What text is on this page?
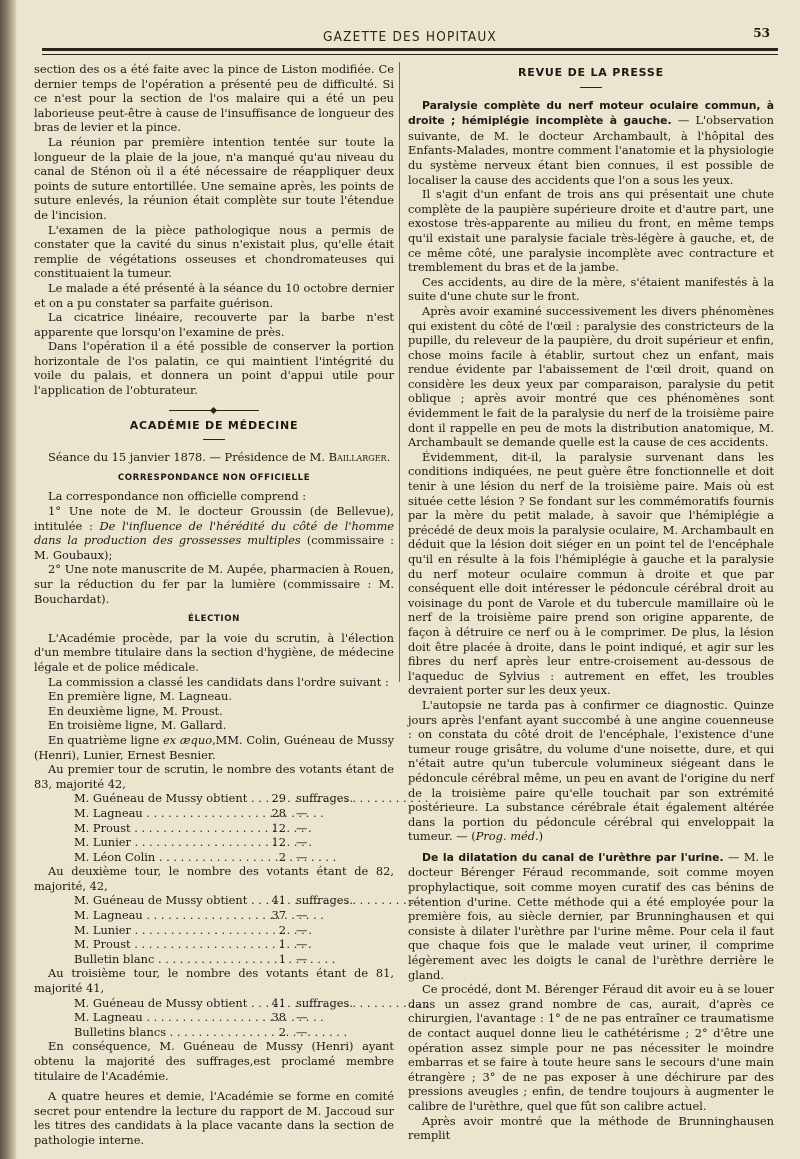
GAZETTE DES HOPITAUX	53

section des os a été faite avec la pince de Liston modifiée. Ce dernier temps de l'opération a présenté peu de difficulté. Si ce n'est pour la section de l'os malaire qui a été un peu laborieuse peut-être à cause de l'insuffisance de longueur des bras de levier et la pince.

La réunion par première intention tentée sur toute la longueur de la plaie de la joue, n'a manqué qu'au niveau du canal de Sténon où il a été nécessaire de réappliquer deux points de suture entortillée. Une semaine après, les points de suture enlevés, la réunion était complète sur toute l'étendue de l'incision.

L'examen de la pièce pathologique nous a permis de constater que la cavité du sinus n'existait plus, qu'elle était remplie de végétations osseuses et chondromateuses qui constituaient la tumeur.

Le malade a été présenté à la séance du 10 octobre dernier et on a pu constater sa parfaite guérison.

La cicatrice linéaire, recouverte par la barbe n'est apparente que lorsqu'on l'examine de près.

Dans l'opération il a été possible de conserver la portion horizontale de l'os palatin, ce qui maintient l'intégrité du voile du palais, et donnera un point d'appui utile pour l'application de l'obturateur.

ACADÉMIE DE MÉDECINE

Séance du 15 janvier 1878. — Présidence de M. Baillarger.

CORRESPONDANCE NON OFFICIELLE

La correspondance non officielle comprend :

1° Une note de M. le docteur Groussin (de Bellevue), intitulée : De l'influence de l'hérédité du côté de l'homme dans la production des grossesses multiples (commissaire : M. Goubaux);

2° Une note manuscrite de M. Aupée, pharmacien à Rouen, sur la réduction du fer par la lumière (commissaire : M. Bouchardat).

ÉLECTION

L'Académie procède, par la voie du scrutin, à l'élection d'un membre titulaire dans la section d'hygiène, de médecine légale et de police médicale.

La commission a classé les candidats dans l'ordre suivant :

En première ligne, M. Lagneau.

En deuxième ligne, M. Proust.

En troisième ligne, M. Gallard.

En quatrième ligne ex æquo,MM. Colin, Guéneau de Mussy (Henri), Lunier, Ernest Besnier.

Au premier tour de scrutin, le nombre des votants étant de 83, majorité 42,

M. Guéneau de Mussy obtient . . .	29 suffrages.
M. Lagneau . . .	28 —
M. Proust . . .	12 —
M. Lunier . . .	12 —
M. Léon Colin . . .	2 —

Au deuxième tour, le nombre des votants étant de 82, majorité, 42,

M. Guéneau de Mussy obtient . . .	41 suffrages.
M. Lagneau . . .	37 —
M. Lunier . . .	2 —
M. Proust . . .	1 —
Bulletin blanc . . .	1 —

Au troisième tour, le nombre des votants étant de 81, majorité 41,

M. Guéneau de Mussy obtient . . .	41 suffrages.
M. Lagneau . . .	38 —
Bulletins blancs . . .	2 —

En conséquence, M. Guéneau de Mussy (Henri) ayant obtenu la majorité des suffrages,est proclamé membre titulaire de l'Académie.

A quatre heures et demie, l'Académie se forme en comité secret pour entendre la lecture du rapport de M. Jaccoud sur les titres des candidats à la place vacante dans la section de pathologie interne.

REVUE DE LA PRESSE

Paralysie complète du nerf moteur oculaire commun, à droite ; hémiplégie incomplète à gauche. — L'observation suivante, de M. le docteur Archambault, à l'hôpital des Enfants-Malades, montre comment l'anatomie et la physiologie du système nerveux étant bien connues, il est possible de localiser la cause des accidents que l'on a sous les yeux.

Il s'agit d'un enfant de trois ans qui présentait une chute complète de la paupière supérieure droite et d'autre part, une exostose très-apparente au milieu du front, en même temps qu'il existait une paralysie faciale très-légère à gauche, et, de ce même côté, une paralysie incomplète avec contracture et tremblement du bras et de la jambe.

Ces accidents, au dire de la mère, s'étaient manifestés à la suite d'une chute sur le front.

Après avoir examiné successivement les divers phénomènes qui existent du côté de l'œil : paralysie des constricteurs de la pupille, du releveur de la paupière, du droit supérieur et enfin, chose moins facile à établir, surtout chez un enfant, mais rendue évidente par l'abaissement de l'œil droit, quand on considère les deux yeux par comparaison, paralysie du petit oblique ; après avoir montré que ces phénomènes sont évidemment le fait de la paralysie du nerf de la troisième paire dont il rappelle en peu de mots la distribution anatomique, M. Archambault se demande quelle est la cause de ces accidents.

Évidemment, dit-il, la paralysie survenant dans les conditions indiquées, ne peut guère être fonctionnelle et doit tenir à une lésion du nerf de la troisième paire. Mais où est située cette lésion ? Se fondant sur les commémoratifs fournis par la mère du petit malade, à savoir que l'hémiplégie a précédé de deux mois la paralysie oculaire, M. Archambault en déduit que la lésion doit siéger en un point tel de l'encéphale qu'il en résulte à la fois l'hémiplégie à gauche et la paralysie du nerf moteur oculaire commun à droite et que par conséquent elle doit intéresser le pédoncule cérébral droit au voisinage du pont de Varole et du tubercule mamillaire où le nerf de la troisième paire prend son origine apparente, de façon à détruire ce nerf ou à le comprimer. De plus, la lésion doit être placée à droite, dans le point indiqué, et agir sur les fibres du nerf après leur entre-croisement au-dessous de l'aqueduc de Sylvius : autrement en effet, les troubles devraient porter sur les deux yeux.

L'autopsie ne tarda pas à confirmer ce diagnostic. Quinze jours après l'enfant ayant succombé à une angine couenneuse : on constata du côté droit de l'encéphale, l'existence d'une tumeur rouge grisâtre, du volume d'une noisette, dure, et qui n'était autre qu'un tubercule volumineux siégeant dans le pédoncule cérébral même, un peu en avant de l'origine du nerf de la troisième paire qu'elle touchait par son extrémité postérieure. La substance cérébrale était également altérée dans la portion du pédoncule cérébral qui enveloppait la tumeur. — (Prog. méd.)

De la dilatation du canal de l'urèthre par l'urine. — M. le docteur Bérenger Féraud recommande, soit comme moyen prophylactique, soit comme moyen curatif des cas bénins de rétention d'urine. Cette méthode qui a été employée pour la première fois, au siècle dernier, par Brunninghausen et qui consiste à dilater l'urèthre par l'urine même. Pour cela il faut que chaque fois que le malade veut uriner, il comprime légèrement avec les doigts le canal de l'urèthre derrière le gland.

Ce procédé, dont M. Bérenger Féraud dit avoir eu à se louer dans un assez grand nombre de cas, aurait, d'après ce chirurgien, l'avantage : 1° de ne pas entraîner ce traumatisme de contact auquel donne lieu le cathétérisme ; 2° d'être une opération assez simple pour ne pas nécessiter le moindre embarras et se faire à toute heure sans le secours d'une main étrangère ; 3° de ne pas exposer à une déchirure par des pressions aveugles ; enfin, de tendre toujours à augmenter le calibre de l'urèthre, quel que fût son calibre actuel.

Après avoir montré que la méthode de Brunninghausen remplit
